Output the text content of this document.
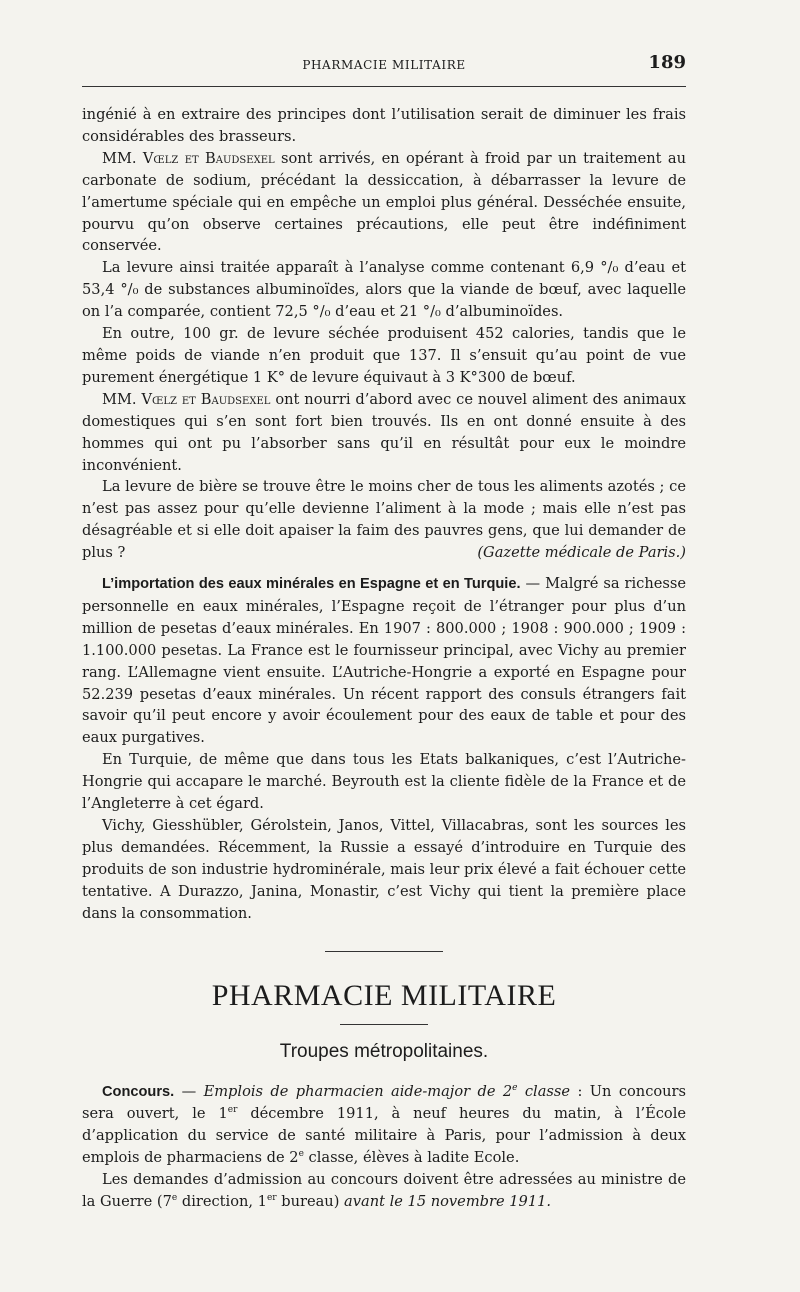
PHARMACIE MILITAIRE	189

ingénié à en extraire des principes dont l’utilisation serait de diminuer les frais considérables des brasseurs.

MM. Vœlz et Baudsexel sont arrivés, en opérant à froid par un traitement au carbonate de sodium, précédant la dessiccation, à débarrasser la levure de l’amertume spéciale qui en empêche un emploi plus général. Desséchée ensuite, pourvu qu’on observe certaines précautions, elle peut être indéfiniment conservée.

La levure ainsi traitée apparaît à l’analyse comme contenant 6,9 °/₀ d’eau et 53,4 °/₀ de substances albuminoïdes, alors que la viande de bœuf, avec laquelle on l’a comparée, contient 72,5 °/₀ d’eau et 21 °/₀ d’albuminoïdes.

En outre, 100 gr. de levure séchée produisent 452 calories, tandis que le même poids de viande n’en produit que 137. Il s’ensuit qu’au point de vue purement énergétique 1 K° de levure équivaut à 3 K°300 de bœuf.

MM. Vœlz et Baudsexel ont nourri d’abord avec ce nouvel aliment des animaux domestiques qui s’en sont fort bien trouvés. Ils en ont donné ensuite à des hommes qui ont pu l’absorber sans qu’il en résultât pour eux le moindre inconvénient.

La levure de bière se trouve être le moins cher de tous les aliments azotés ; ce n’est pas assez pour qu’elle devienne l’aliment à la mode ; mais elle n’est pas désagréable et si elle doit apaiser la faim des pauvres gens, que lui demander de plus ?	(Gazette médicale de Paris.)

L’importation des eaux minérales en Espagne et en Turquie. — Malgré sa richesse personnelle en eaux minérales, l’Espagne reçoit de l’étranger pour plus d’un million de pesetas d’eaux minérales. En 1907 : 800.000 ; 1908 : 900.000 ; 1909 : 1.100.000 pesetas. La France est le fournisseur principal, avec Vichy au premier rang. L’Allemagne vient ensuite. L’Autriche-Hongrie a exporté en Espagne pour 52.239 pesetas d’eaux minérales. Un récent rapport des consuls étrangers fait savoir qu’il peut encore y avoir écoulement pour des eaux de table et pour des eaux purgatives.

En Turquie, de même que dans tous les Etats balkaniques, c’est l’Autriche-Hongrie qui accapare le marché. Beyrouth est la cliente fidèle de la France et de l’Angleterre à cet égard.

Vichy, Giesshübler, Gérolstein, Janos, Vittel, Villacabras, sont les sources les plus demandées. Récemment, la Russie a essayé d’introduire en Turquie des produits de son industrie hydrominérale, mais leur prix élevé a fait échouer cette tentative. A Durazzo, Janina, Monastir, c’est Vichy qui tient la première place dans la consommation.

PHARMACIE MILITAIRE
Troupes métropolitaines.

Concours. — Emplois de pharmacien aide-major de 2e classe : Un concours sera ouvert, le 1er décembre 1911, à neuf heures du matin, à l’École d’application du service de santé militaire à Paris, pour l’admission à deux emplois de pharmaciens de 2e classe, élèves à ladite Ecole.

Les demandes d’admission au concours doivent être adressées au ministre de la Guerre (7e direction, 1er bureau) avant le 15 novembre 1911.
